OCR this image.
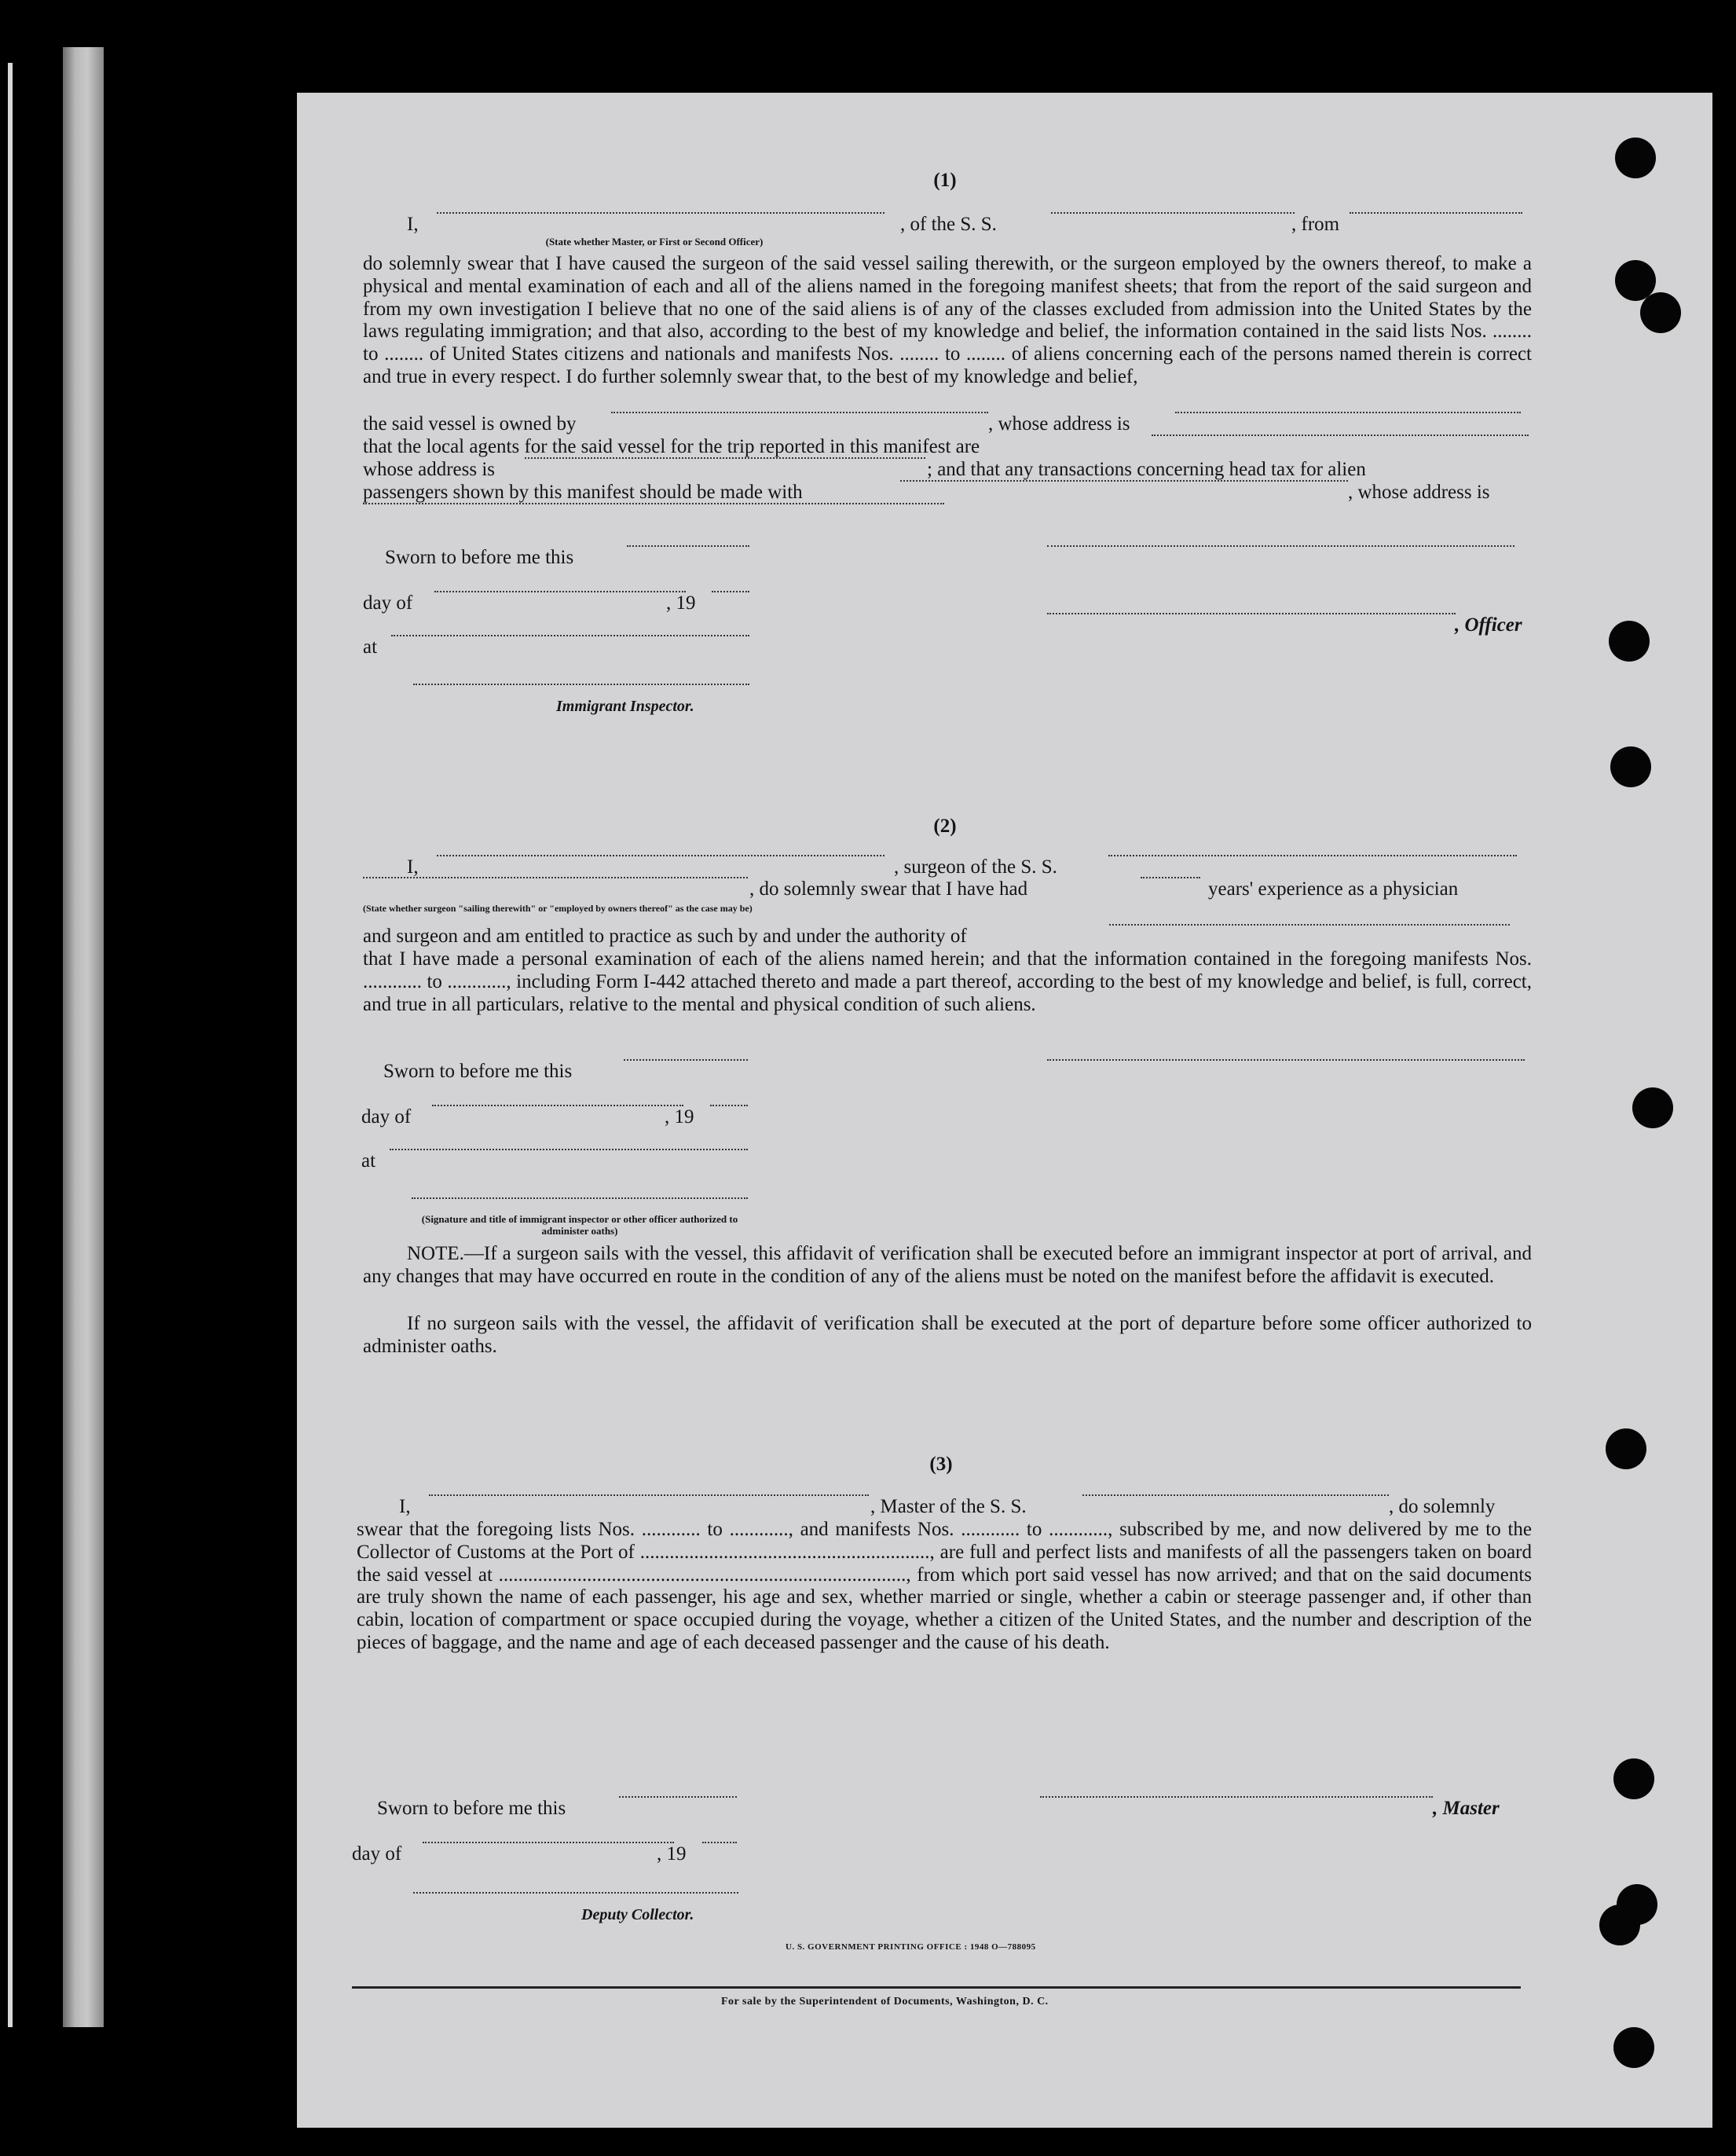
(1)
I,
(State whether Master, or First or Second Officer)
, of the S. S.	, from

do solemnly swear that I have caused the surgeon of the said vessel sailing therewith, or the surgeon employed by the owners thereof, to make a physical and mental examination of each and all of the aliens named in the foregoing manifest sheets; that from the report of the said surgeon and from my own investigation I believe that no one of the said aliens is of any of the classes excluded from admission into the United States by the laws regulating immigration; and that also, according to the best of my knowledge and belief, the information contained in the said lists Nos. ........ to ........ of United States citizens and nationals and manifests Nos. ........ to ........ of aliens concerning each of the persons named therein is correct and true in every respect. I do further solemnly swear that, to the best of my knowledge and belief,

the said vessel is owned by	, whose address is
that the local agents for the said vessel for the trip reported in this manifest are
whose address is	; and that any transactions concerning head tax for alien
passengers shown by this manifest should be made with	, whose address is
Sworn to before me this
day of	, 19
, Officer
at
Immigrant Inspector.
(2)
I,	, surgeon of the S. S.
, do solemnly swear that I have had	years' experience as a physician
(State whether surgeon "sailing therewith" or "employed by owners thereof" as the case may be)
and surgeon and am entitled to practice as such by and under the authority of

that I have made a personal examination of each of the aliens named herein; and that the information contained in the foregoing manifests Nos. ............ to ............, including Form I-442 attached thereto and made a part thereof, according to the best of my knowledge and belief, is full, correct, and true in all particulars, relative to the mental and physical condition of such aliens.

Sworn to before me this
day of	, 19
at
(Signature and title of immigrant inspector or other officer authorized to administer oaths)

NOTE.—If a surgeon sails with the vessel, this affidavit of verification shall be executed before an immigrant inspector at port of arrival, and any changes that may have occurred en route in the condition of any of the aliens must be noted on the manifest before the affidavit is executed.

If no surgeon sails with the vessel, the affidavit of verification shall be executed at the port of departure before some officer authorized to administer oaths.

(3)
I,	, Master of the S. S.	, do solemnly

swear that the foregoing lists Nos. ............ to ............, and manifests Nos. ............ to ............, subscribed by me, and now delivered by me to the Collector of Customs at the Port of ..........................................................., are full and perfect lists and manifests of all the passengers taken on board the said vessel at ..................................................................................., from which port said vessel has now arrived; and that on the said documents are truly shown the name of each passenger, his age and sex, whether married or single, whether a cabin or steerage passenger and, if other than cabin, location of compartment or space occupied during the voyage, whether a citizen of the United States, and the number and description of the pieces of baggage, and the name and age of each deceased passenger and the cause of his death.

Sworn to before me this	, Master
day of	, 19
Deputy Collector.
U. S. GOVERNMENT PRINTING OFFICE : 1948 O—788095
For sale by the Superintendent of Documents, Washington, D. C.
